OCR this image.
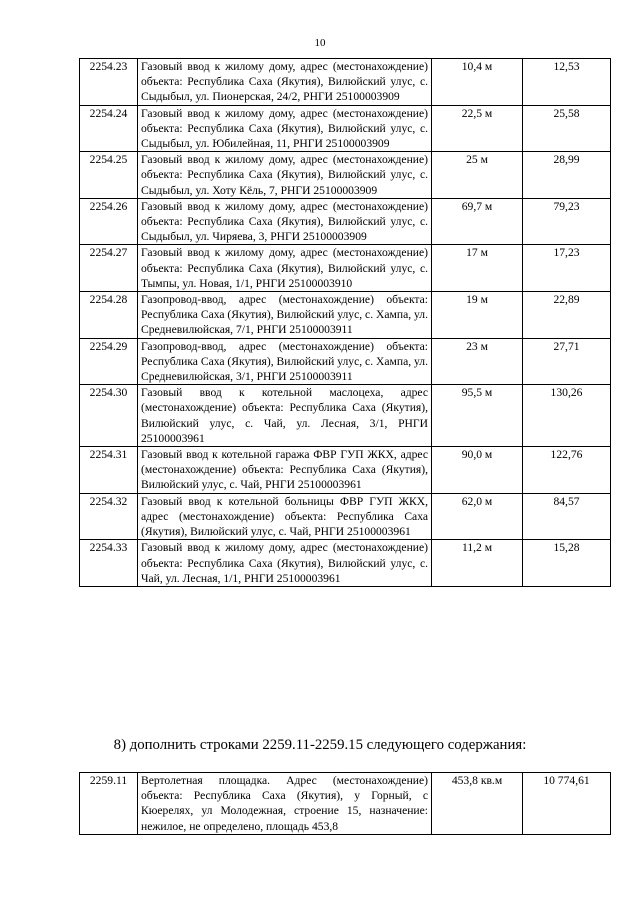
10
2254.23	Газовый ввод к жилому дому, адрес (местонахождение) объекта: Республика Саха (Якутия), Вилюйский улус, с. Сыдыбыл, ул. Пионерская, 24/2, РНГИ 25100003909	10,4 м	12,53
2254.24	Газовый ввод к жилому дому, адрес (местонахождение) объекта: Республика Саха (Якутия), Вилюйский улус, с. Сыдыбыл, ул. Юбилейная, 11, РНГИ 25100003909	22,5 м	25,58
2254.25	Газовый ввод к жилому дому, адрес (местонахождение) объекта: Республика Саха (Якутия), Вилюйский улус, с. Сыдыбыл, ул. Хоту Кёль, 7, РНГИ 25100003909	25 м	28,99
2254.26	Газовый ввод к жилому дому, адрес (местонахождение) объекта: Республика Саха (Якутия), Вилюйский улус, с. Сыдыбыл, ул. Чиряева, 3, РНГИ 25100003909	69,7 м	79,23
2254.27	Газовый ввод к жилому дому, адрес (местонахождение) объекта: Республика Саха (Якутия), Вилюйский улус, с. Тымпы, ул. Новая, 1/1, РНГИ 25100003910	17 м	17,23
2254.28	Газопровод-ввод, адрес (местонахождение) объекта: Республика Саха (Якутия), Вилюйский улус, с. Хампа, ул. Средневилюйская, 7/1, РНГИ 25100003911	19 м	22,89
2254.29	Газопровод-ввод, адрес (местонахождение) объекта: Республика Саха (Якутия), Вилюйский улус, с. Хампа, ул. Средневилюйская, 3/1, РНГИ 25100003911	23 м	27,71
2254.30	Газовый ввод к котельной маслоцеха, адрес (местонахождение) объекта: Республика Саха (Якутия), Вилюйский улус, с. Чай, ул. Лесная, 3/1, РНГИ 25100003961	95,5 м	130,26
2254.31	Газовый ввод к котельной гаража ФВР ГУП ЖКХ, адрес (местонахождение) объекта: Республика Саха (Якутия), Вилюйский улус, с. Чай, РНГИ 25100003961	90,0 м	122,76
2254.32	Газовый ввод к котельной больницы ФВР ГУП ЖКХ, адрес (местонахождение) объекта: Республика Саха (Якутия), Вилюйский улус, с. Чай, РНГИ 25100003961	62,0 м	84,57
2254.33	Газовый ввод к жилому дому, адрес (местонахождение) объекта: Республика Саха (Якутия), Вилюйский улус, с. Чай, ул. Лесная, 1/1, РНГИ 25100003961	11,2 м	15,28
8) дополнить строками 2259.11-2259.15 следующего содержания:
2259.11	Вертолетная площадка. Адрес (местонахождение) объекта: Республика Саха (Якутия), у Горный, с Кюерелях, ул Молодежная, строение 15, назначение: нежилое, не определено, площадь 453,8	453,8 кв.м	10 774,61
